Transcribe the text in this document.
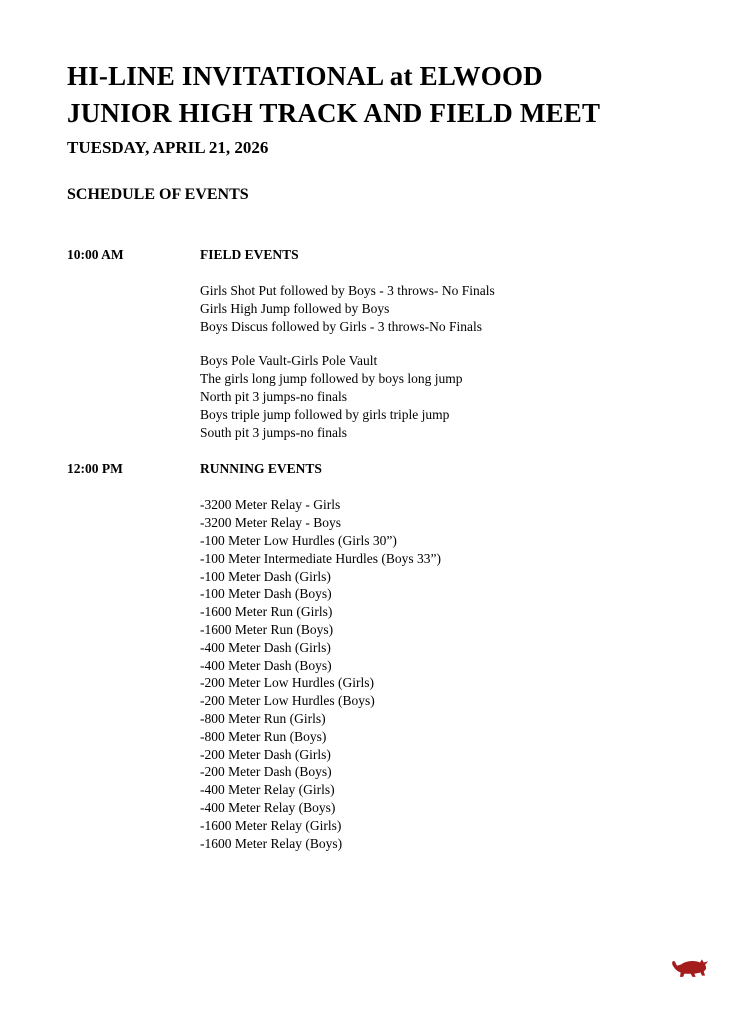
HI-LINE INVITATIONAL at ELWOOD
JUNIOR HIGH TRACK AND FIELD MEET
TUESDAY, APRIL 21, 2026
SCHEDULE OF EVENTS
10:00 AM	FIELD EVENTS
Girls Shot Put followed by Boys - 3 throws- No Finals
Girls High Jump followed by Boys
Boys Discus followed by Girls - 3 throws-No Finals
Boys Pole Vault-Girls Pole Vault
The girls long jump followed by boys long jump
North pit 3 jumps-no finals
Boys triple jump followed by girls triple jump
South pit 3 jumps-no finals
12:00 PM	RUNNING EVENTS
-3200 Meter Relay - Girls
-3200 Meter Relay - Boys
-100 Meter Low Hurdles (Girls 30”)
-100 Meter Intermediate Hurdles (Boys 33”)
-100 Meter Dash (Girls)
-100 Meter Dash (Boys)
-1600 Meter Run (Girls)
-1600 Meter Run (Boys)
-400 Meter Dash (Girls)
-400 Meter Dash (Boys)
-200 Meter Low Hurdles (Girls)
-200 Meter Low Hurdles (Boys)
-800 Meter Run (Girls)
-800 Meter Run (Boys)
-200 Meter Dash (Girls)
-200 Meter Dash (Boys)
-400 Meter Relay (Girls)
-400 Meter Relay (Boys)
-1600 Meter Relay (Girls)
-1600 Meter Relay (Boys)
